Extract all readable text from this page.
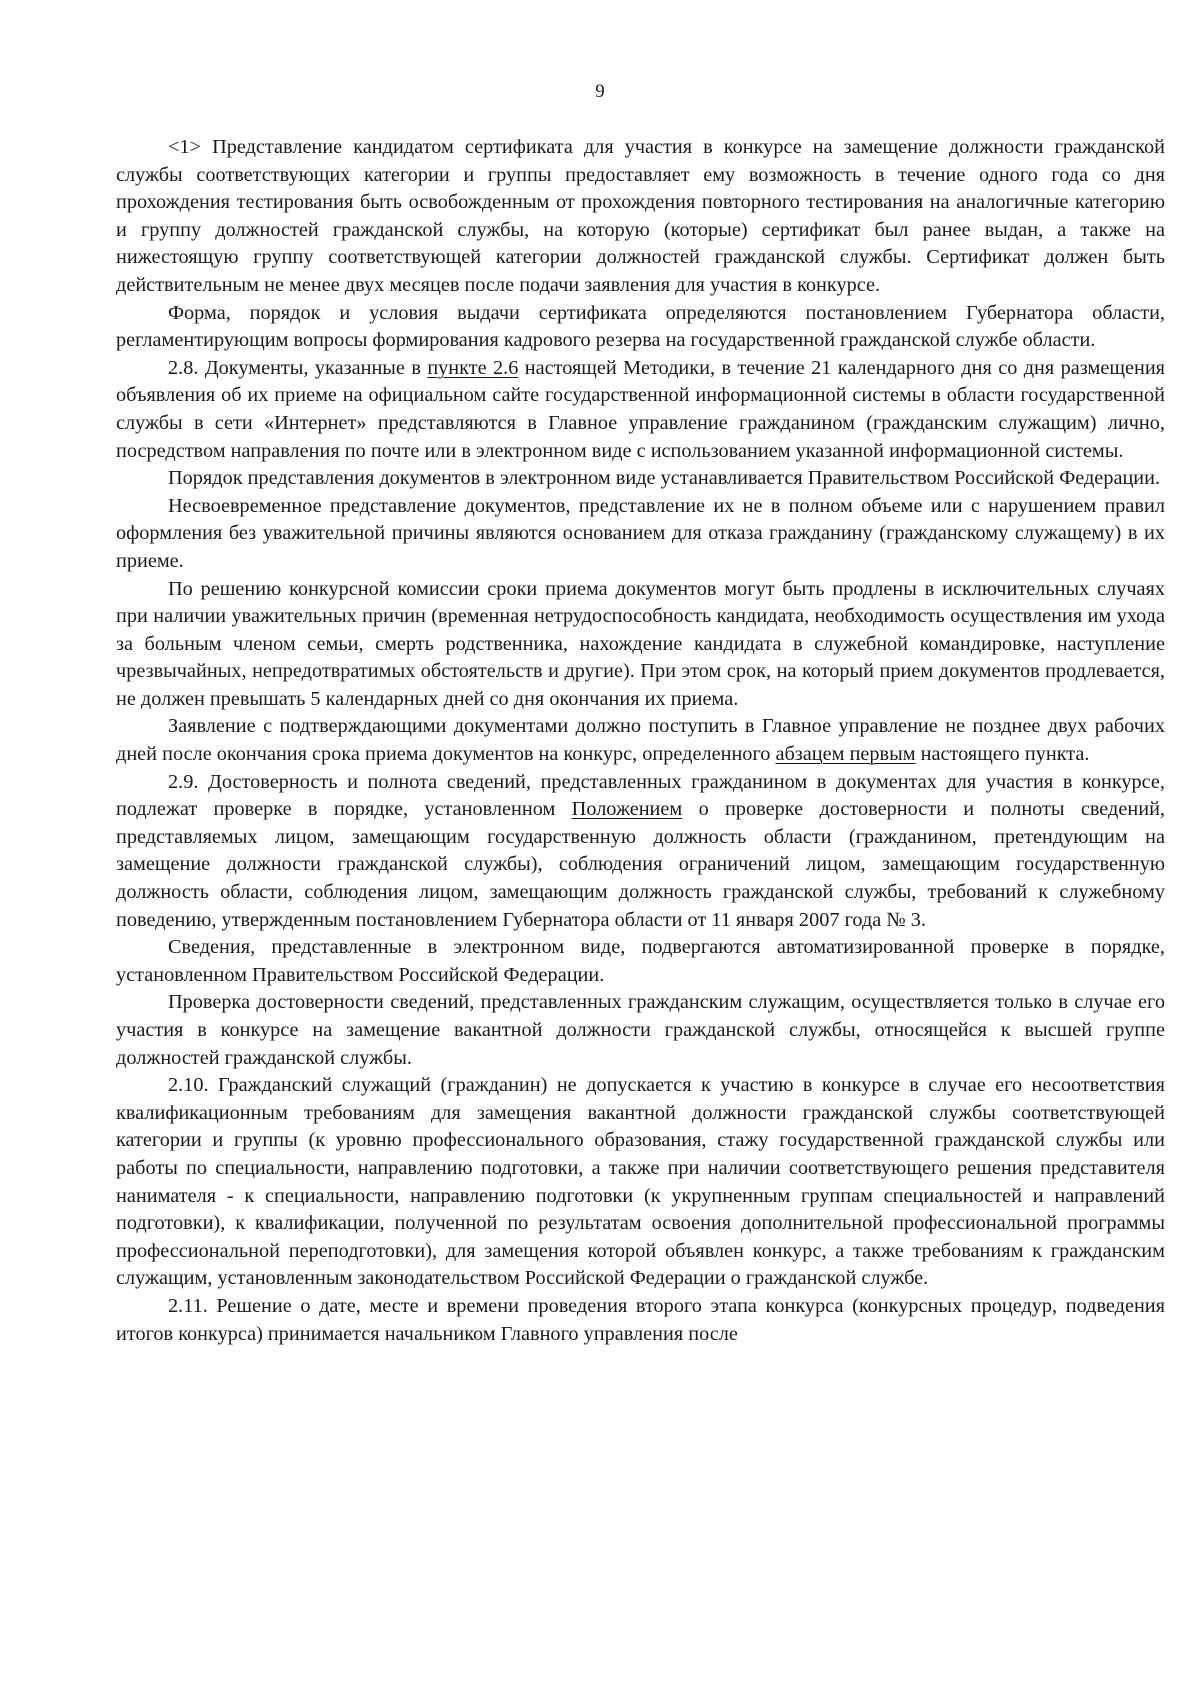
9

<1> Представление кандидатом сертификата для участия в конкурсе на замещение должности гражданской службы соответствующих категории и группы предоставляет ему возможность в течение одного года со дня прохождения тестирования быть освобожденным от прохождения повторного тестирования на аналогичные категорию и группу должностей гражданской службы, на которую (которые) сертификат был ранее выдан, а также на нижестоящую группу соответствующей категории должностей гражданской службы. Сертификат должен быть действительным не менее двух месяцев после подачи заявления для участия в конкурсе.

Форма, порядок и условия выдачи сертификата определяются постановлением Губернатора области, регламентирующим вопросы формирования кадрового резерва на государственной гражданской службе области.

2.8. Документы, указанные в пункте 2.6 настоящей Методики, в течение 21 календарного дня со дня размещения объявления об их приеме на официальном сайте государственной информационной системы в области государственной службы в сети «Интернет» представляются в Главное управление гражданином (гражданским служащим) лично, посредством направления по почте или в электронном виде с использованием указанной информационной системы.

Порядок представления документов в электронном виде устанавливается Правительством Российской Федерации.

Несвоевременное представление документов, представление их не в полном объеме или с нарушением правил оформления без уважительной причины являются основанием для отказа гражданину (гражданскому служащему) в их приеме.

По решению конкурсной комиссии сроки приема документов могут быть продлены в исключительных случаях при наличии уважительных причин (временная нетрудоспособность кандидата, необходимость осуществления им ухода за больным членом семьи, смерть родственника, нахождение кандидата в служебной командировке, наступление чрезвычайных, непредотвратимых обстоятельств и другие). При этом срок, на который прием документов продлевается, не должен превышать 5 календарных дней со дня окончания их приема.

Заявление с подтверждающими документами должно поступить в Главное управление не позднее двух рабочих дней после окончания срока приема документов на конкурс, определенного абзацем первым настоящего пункта.

2.9. Достоверность и полнота сведений, представленных гражданином в документах для участия в конкурсе, подлежат проверке в порядке, установленном Положением о проверке достоверности и полноты сведений, представляемых лицом, замещающим государственную должность области (гражданином, претендующим на замещение должности гражданской службы), соблюдения ограничений лицом, замещающим государственную должность области, соблюдения лицом, замещающим должность гражданской службы, требований к служебному поведению, утвержденным постановлением Губернатора области от 11 января 2007 года № 3.

Сведения, представленные в электронном виде, подвергаются автоматизированной проверке в порядке, установленном Правительством Российской Федерации.

Проверка достоверности сведений, представленных гражданским служащим, осуществляется только в случае его участия в конкурсе на замещение вакантной должности гражданской службы, относящейся к высшей группе должностей гражданской службы.

2.10. Гражданский служащий (гражданин) не допускается к участию в конкурсе в случае его несоответствия квалификационным требованиям для замещения вакантной должности гражданской службы соответствующей категории и группы (к уровню профессионального образования, стажу государственной гражданской службы или работы по специальности, направлению подготовки, а также при наличии соответствующего решения представителя нанимателя - к специальности, направлению подготовки (к укрупненным группам специальностей и направлений подготовки), к квалификации, полученной по результатам освоения дополнительной профессиональной программы профессиональной переподготовки), для замещения которой объявлен конкурс, а также требованиям к гражданским служащим, установленным законодательством Российской Федерации о гражданской службе.

2.11. Решение о дате, месте и времени проведения второго этапа конкурса (конкурсных процедур, подведения итогов конкурса) принимается начальником Главного управления после
